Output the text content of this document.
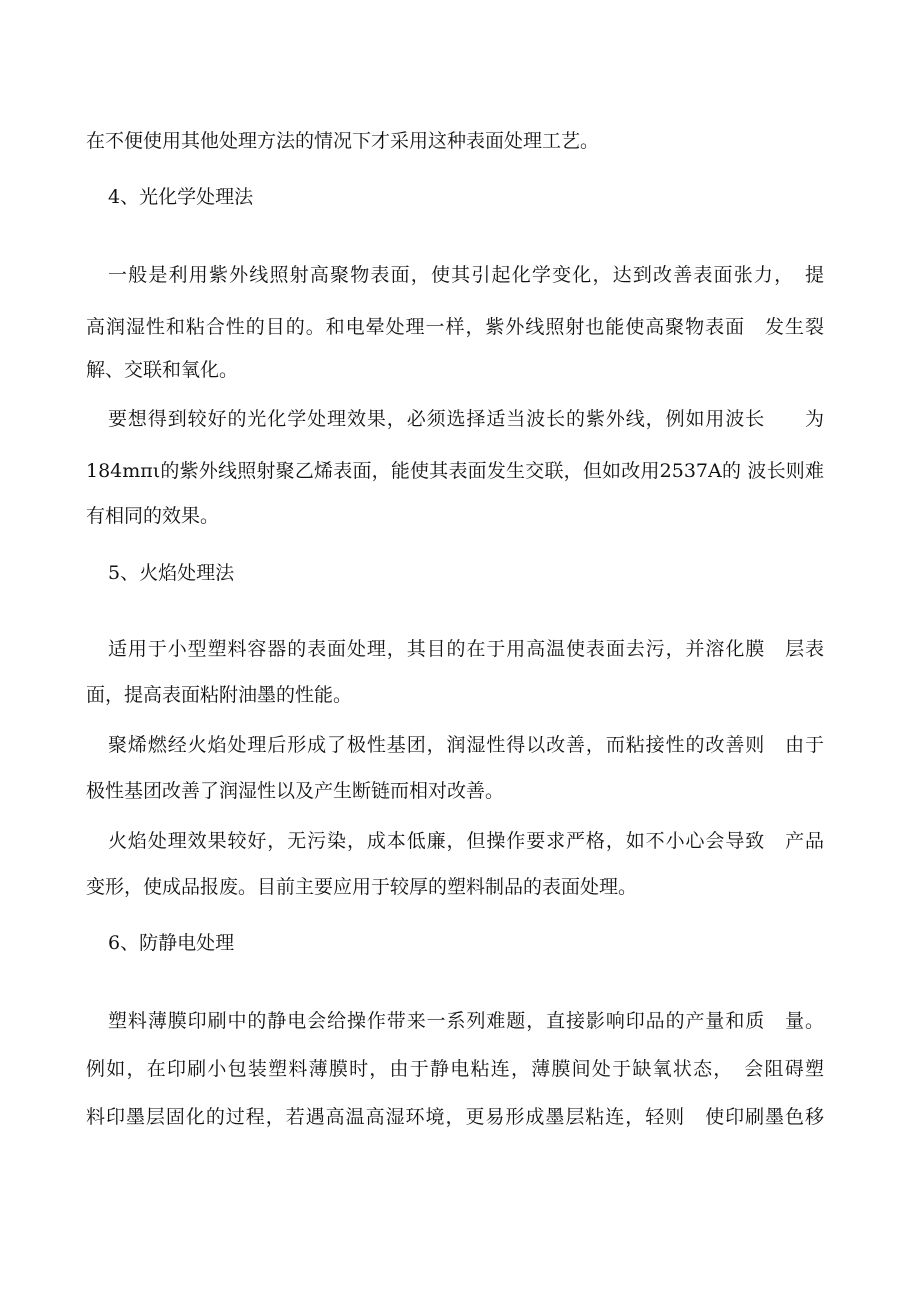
在不便使用其他处理方法的情况下才采用这种表面处理工艺。

4、光化学处理法

一般是利用紫外线照射高聚物表面，使其引起化学变化，达到改善表面张力，　提

高润湿性和粘合性的目的。和电晕处理一样，紫外线照射也能使高聚物表面　发生裂

解、交联和氧化。

要想得到较好的光化学处理效果，必须选择适当波长的紫外线，例如用波长　　为

184mπι的紫外线照射聚乙烯表面，能使其表面发生交联，但如改用2537A的 波长则难

有相同的效果。

5、火焰处理法

适用于小型塑料容器的表面处理，其目的在于用高温使表面去污，并溶化膜　层表

面，提高表面粘附油墨的性能。

聚烯燃经火焰处理后形成了极性基团，润湿性得以改善，而粘接性的改善则　由于

极性基团改善了润湿性以及产生断链而相对改善。

火焰处理效果较好，无污染，成本低廉，但操作要求严格，如不小心会导致　产品

变形，使成品报废。目前主要应用于较厚的塑料制品的表面处理。

6、防静电处理

塑料薄膜印刷中的静电会给操作带来一系列难题，直接影响印品的产量和质　量。

例如，在印刷小包装塑料薄膜时，由于静电粘连，薄膜间处于缺氧状态，　会阻碍塑

料印墨层固化的过程，若遇高温高湿环境，更易形成墨层粘连，轻则　使印刷墨色移
